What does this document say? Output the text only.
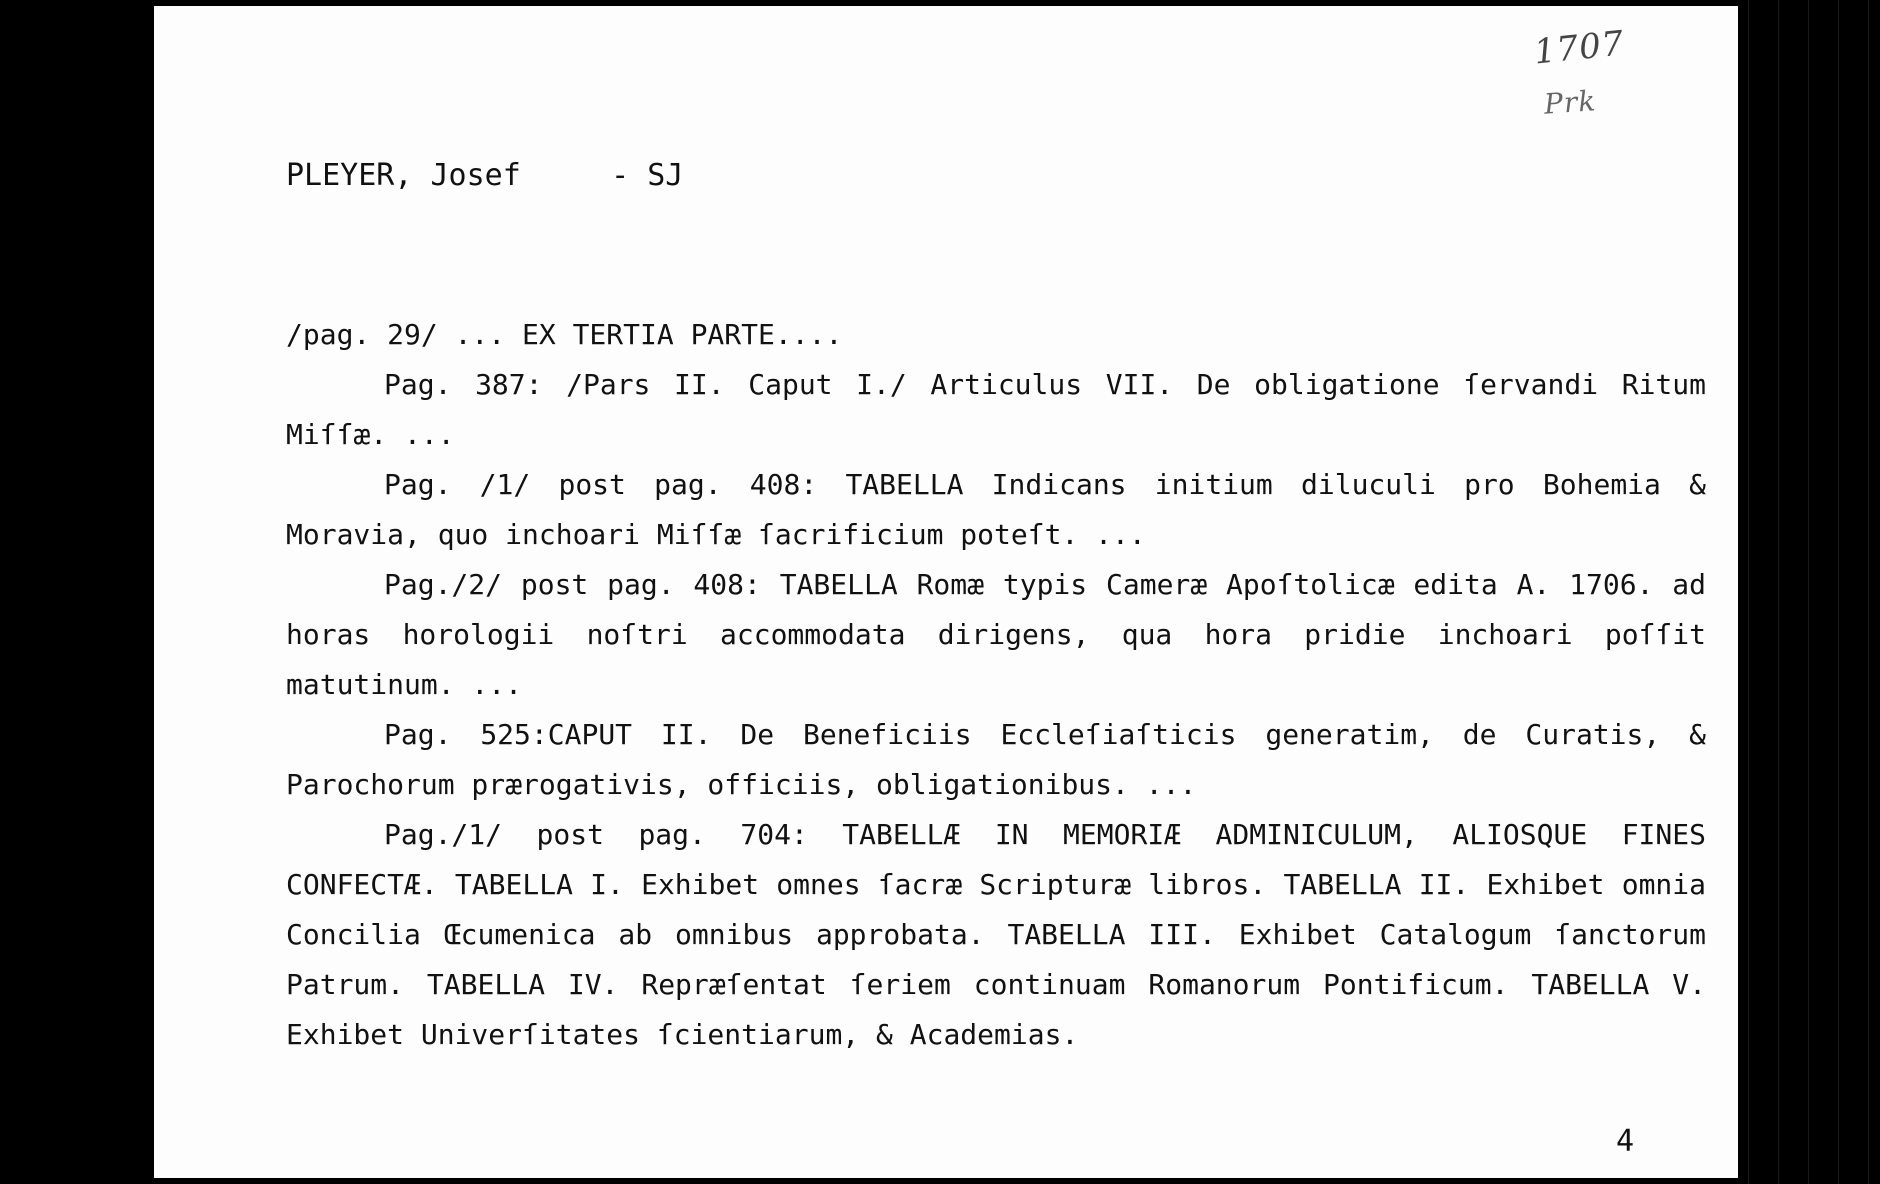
1707
Prk
PLEYER, Josef	- SJ

/pag. 29/ ... EX TERTIA PARTE....

Pag. 387: /Pars II. Caput I./ Articulus VII. De obligatione ſervandi Ritum Miſſæ. ...

Pag. /1/ post pag. 408: TABELLA Indicans initium diluculi pro Bohemia & Moravia, quo inchoari Miſſæ ſacrificium poteſt. ...

Pag./2/ post pag. 408: TABELLA Romæ typis Cameræ Apoſtolicæ edita A. 1706. ad horas horologii noſtri accommodata dirigens, qua hora pridie inchoari poſſit matutinum. ...

Pag. 525:CAPUT II. De Beneficiis Eccleſiaſticis generatim, de Curatis, & Parochorum prærogativis, officiis, obligationibus. ...

Pag./1/ post pag. 704: TABELLÆ IN MEMORIÆ ADMINICULUM, ALIOSQUE FINES CONFECTÆ. TABELLA I. Exhibet omnes ſacræ Scripturæ libros. TABELLA II. Exhibet omnia Concilia Œcumenica ab omnibus approbata. TABELLA III. Exhibet Catalogum ſanctorum Patrum. TABELLA IV. Repræſentat ſeriem continuam Romanorum Pontificum. TABELLA V. Exhibet Univerſitates ſcientiarum, & Academias.

4
